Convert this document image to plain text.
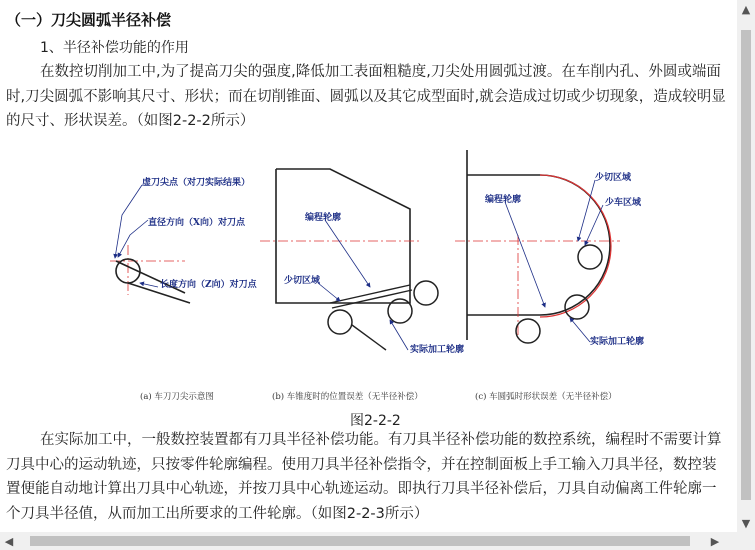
（一）刀尖圆弧半径补偿
1、半径补偿功能的作用

在数控切削加工中,为了提高刀尖的强度,降低加工表面粗糙度,刀尖处用圆弧过渡。在车削内孔、外圆或端面时,刀尖圆弧不影响其尺寸、形状；而在切削锥面、圆弧以及其它成型面时,就会造成过切或少切现象，造成较明显的尺寸、形状误差。（如图2-2-2所示）

虚刀尖点（对刀实际结果）
直径方向（X向）对刀点
长度方向（Z向）对刀点
编程轮廓
少切区域
实际加工轮廓
编程轮廓
少切区域
少车区域
实际加工轮廓
(a) 车刀刀尖示意图	(b) 车锥度时的位置误差（无半径补偿）	(c) 车圆弧时形状误差（无半径补偿）
图2-2-2

在实际加工中，一般数控装置都有刀具半径补偿功能。有刀具半径补偿功能的数控系统，编程时不需要计算刀具中心的运动轨迹，只按零件轮廓编程。使用刀具半径补偿指令，并在控制面板上手工输入刀具半径，数控装置便能自动地计算出刀具中心轨迹，并按刀具中心轨迹运动。即执行刀具半径补偿后，刀具自动偏离工件轮廓一个刀具半径值，从而加工出所要求的工件轮廓。（如图2-2-3所示）

▲
▼
◀	▶
